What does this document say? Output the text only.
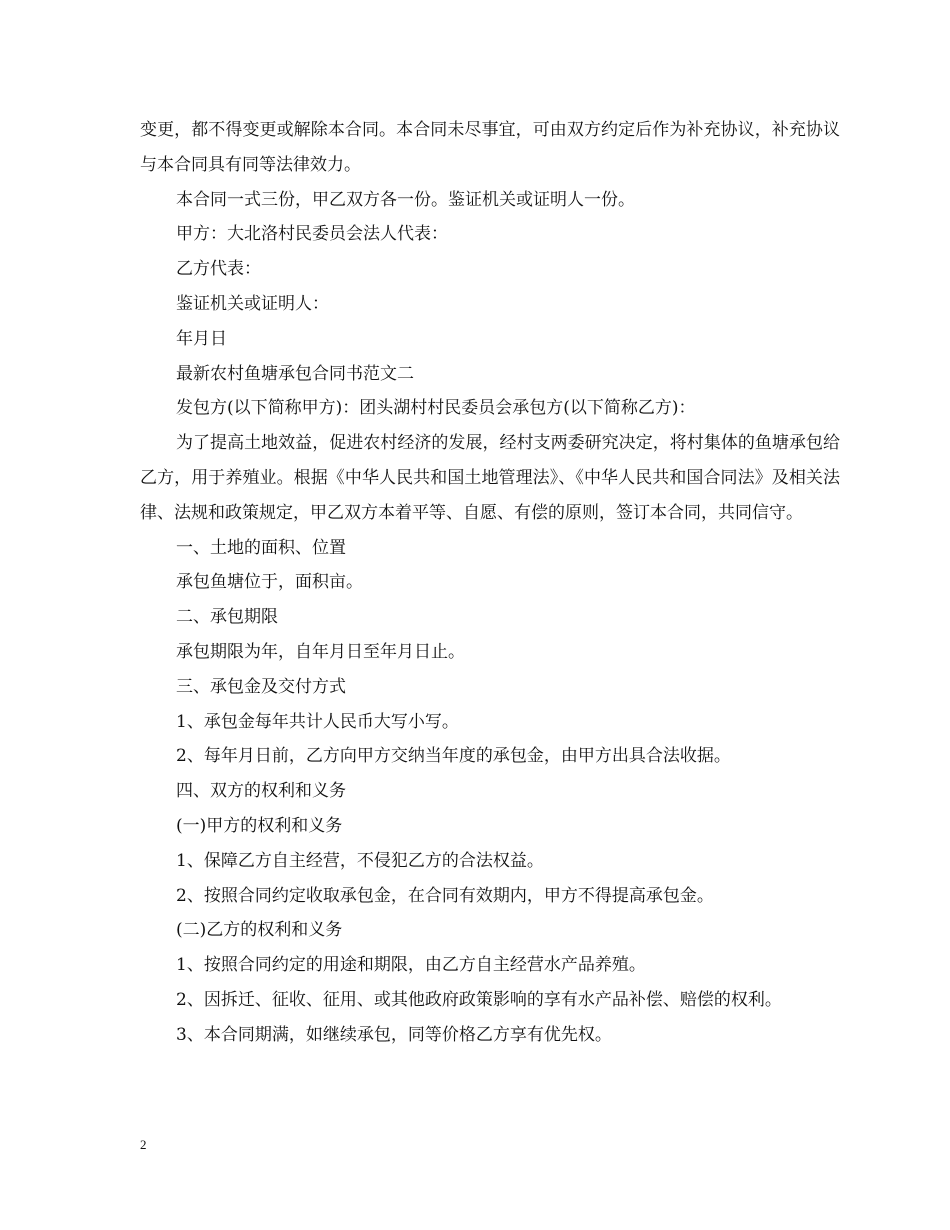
变更，都不得变更或解除本合同。本合同未尽事宜，可由双方约定后作为补充协议，补充协议与本合同具有同等法律效力。

本合同一式三份，甲乙双方各一份。鉴证机关或证明人一份。

甲方：大北洛村民委员会法人代表：

乙方代表：

鉴证机关或证明人：

年月日

最新农村鱼塘承包合同书范文二

发包方(以下简称甲方)：团头湖村村民委员会承包方(以下简称乙方)：

为了提高土地效益，促进农村经济的发展，经村支两委研究决定，将村集体的鱼塘承包给乙方，用于养殖业。根据《中华人民共和国土地管理法》、《中华人民共和国合同法》及相关法律、法规和政策规定，甲乙双方本着平等、自愿、有偿的原则，签订本合同，共同信守。

一、土地的面积、位置

承包鱼塘位于，面积亩。

二、承包期限

承包期限为年，自年月日至年月日止。

三、承包金及交付方式

1、承包金每年共计人民币大写小写。

2、每年月日前，乙方向甲方交纳当年度的承包金，由甲方出具合法收据。

四、双方的权利和义务

(一)甲方的权利和义务

1、保障乙方自主经营，不侵犯乙方的合法权益。

2、按照合同约定收取承包金，在合同有效期内，甲方不得提高承包金。

(二)乙方的权利和义务

1、按照合同约定的用途和期限，由乙方自主经营水产品养殖。

2、因拆迁、征收、征用、或其他政府政策影响的享有水产品补偿、赔偿的权利。

3、本合同期满，如继续承包，同等价格乙方享有优先权。

2
